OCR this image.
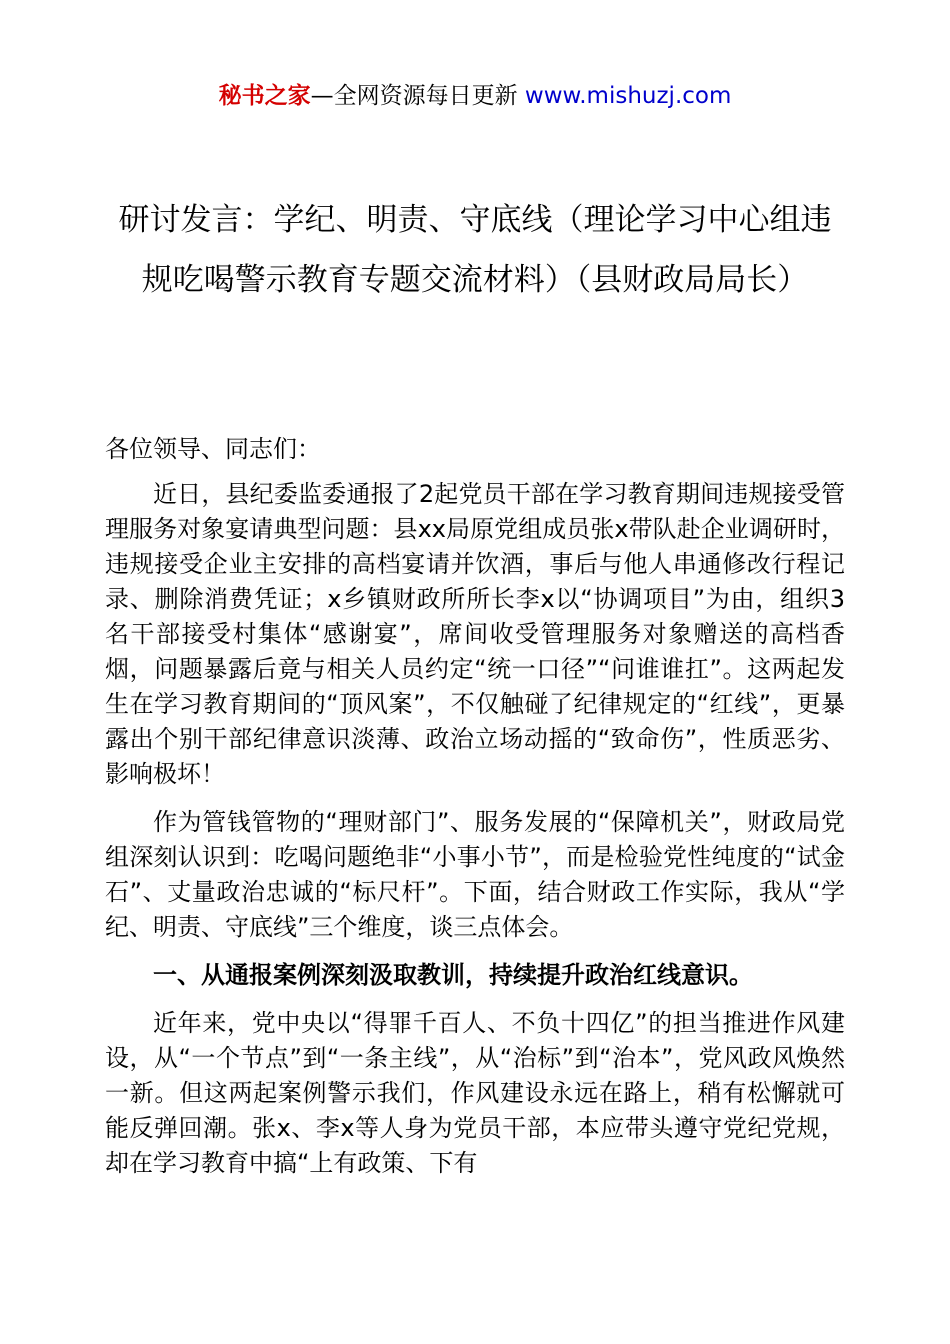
秘书之家—全网资源每日更新 www.mishuzj.com
研讨发言：学纪、明责、守底线（理论学习中心组违规吃喝警示教育专题交流材料）（县财政局局长）

各位领导、同志们：

近日，县纪委监委通报了2起党员干部在学习教育期间违规接受管理服务对象宴请典型问题：县xx局原党组成员张x带队赴企业调研时，违规接受企业主安排的高档宴请并饮酒，事后与他人串通修改行程记录、删除消费凭证；x乡镇财政所所长李x以“协调项目”为由，组织3名干部接受村集体“感谢宴”，席间收受管理服务对象赠送的高档香烟，问题暴露后竟与相关人员约定“统一口径”“问谁谁扛”。这两起发生在学习教育期间的“顶风案”，不仅触碰了纪律规定的“红线”，更暴露出个别干部纪律意识淡薄、政治立场动摇的“致命伤”，性质恶劣、影响极坏！

作为管钱管物的“理财部门”、服务发展的“保障机关”，财政局党组深刻认识到：吃喝问题绝非“小事小节”，而是检验党性纯度的“试金石”、丈量政治忠诚的“标尺杆”。下面，结合财政工作实际，我从“学纪、明责、守底线”三个维度，谈三点体会。

一、从通报案例深刻汲取教训，持续提升政治红线意识。

近年来，党中央以“得罪千百人、不负十四亿”的担当推进作风建设，从“一个节点”到“一条主线”，从“治标”到“治本”，党风政风焕然一新。但这两起案例警示我们，作风建设永远在路上，稍有松懈就可能反弹回潮。张x、李x等人身为党员干部，本应带头遵守党纪党规，却在学习教育中搞“上有政策、下有
